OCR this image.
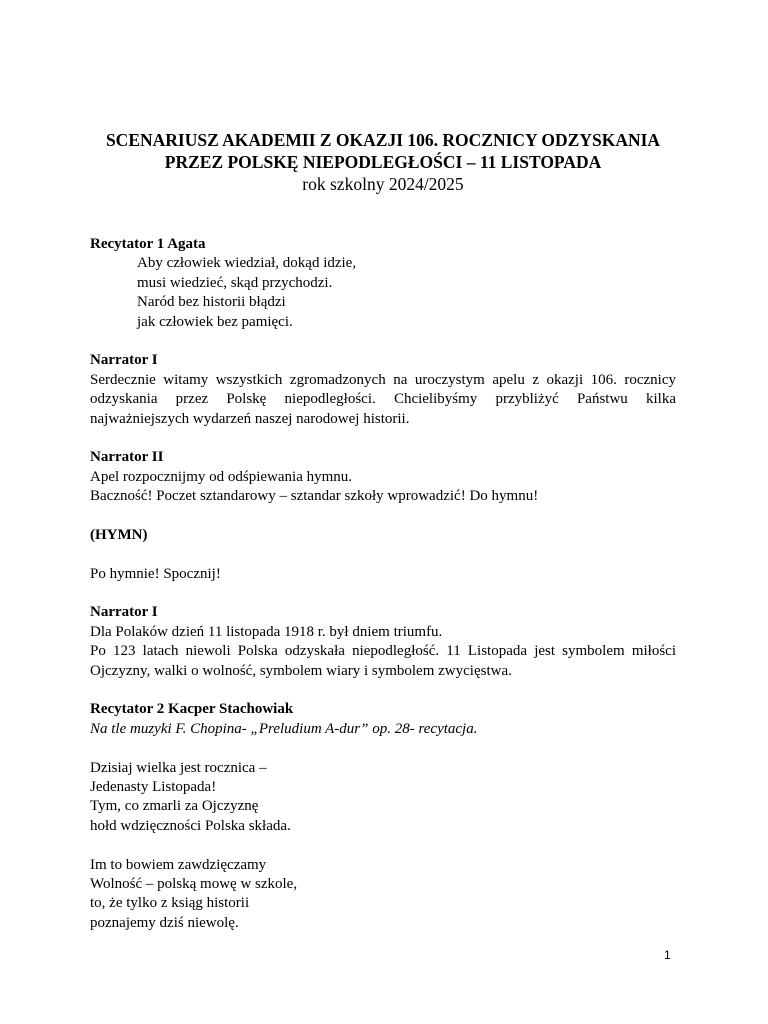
SCENARIUSZ AKADEMII Z OKAZJI 106. ROCZNICY ODZYSKANIA
PRZEZ POLSKĘ NIEPODLEGŁOŚCI – 11 LISTOPADA
rok szkolny 2024/2025
Recytator 1 Agata
Aby człowiek wiedział, dokąd idzie,
musi wiedzieć, skąd przychodzi.
Naród bez historii błądzi
jak człowiek bez pamięci.
Narrator I
Serdecznie witamy wszystkich zgromadzonych na uroczystym apelu z okazji 106. rocznicy
odzyskania przez Polskę niepodległości. Chcielibyśmy przybliżyć Państwu kilka
najważniejszych wydarzeń naszej narodowej historii.
Narrator II
Apel rozpocznijmy od odśpiewania hymnu.
Baczność! Poczet sztandarowy – sztandar szkoły wprowadzić! Do hymnu!
(HYMN)
Po hymnie! Spocznij!
Narrator I
Dla Polaków dzień 11 listopada 1918 r. był dniem triumfu.
Po 123 latach niewoli Polska odzyskała niepodległość. 11 Listopada jest symbolem miłości
Ojczyzny, walki o wolność, symbolem wiary i symbolem zwycięstwa.
Recytator 2 Kacper Stachowiak
Na tle muzyki F. Chopina- „Preludium A-dur” op. 28- recytacja.
Dzisiaj wielka jest rocznica –
Jedenasty Listopada!
Tym, co zmarli za Ojczyznę
hołd wdzięczności Polska składa.
Im to bowiem zawdzięczamy
Wolność – polską mowę w szkole,
to, że tylko z ksiąg historii
poznajemy dziś niewolę.
1
